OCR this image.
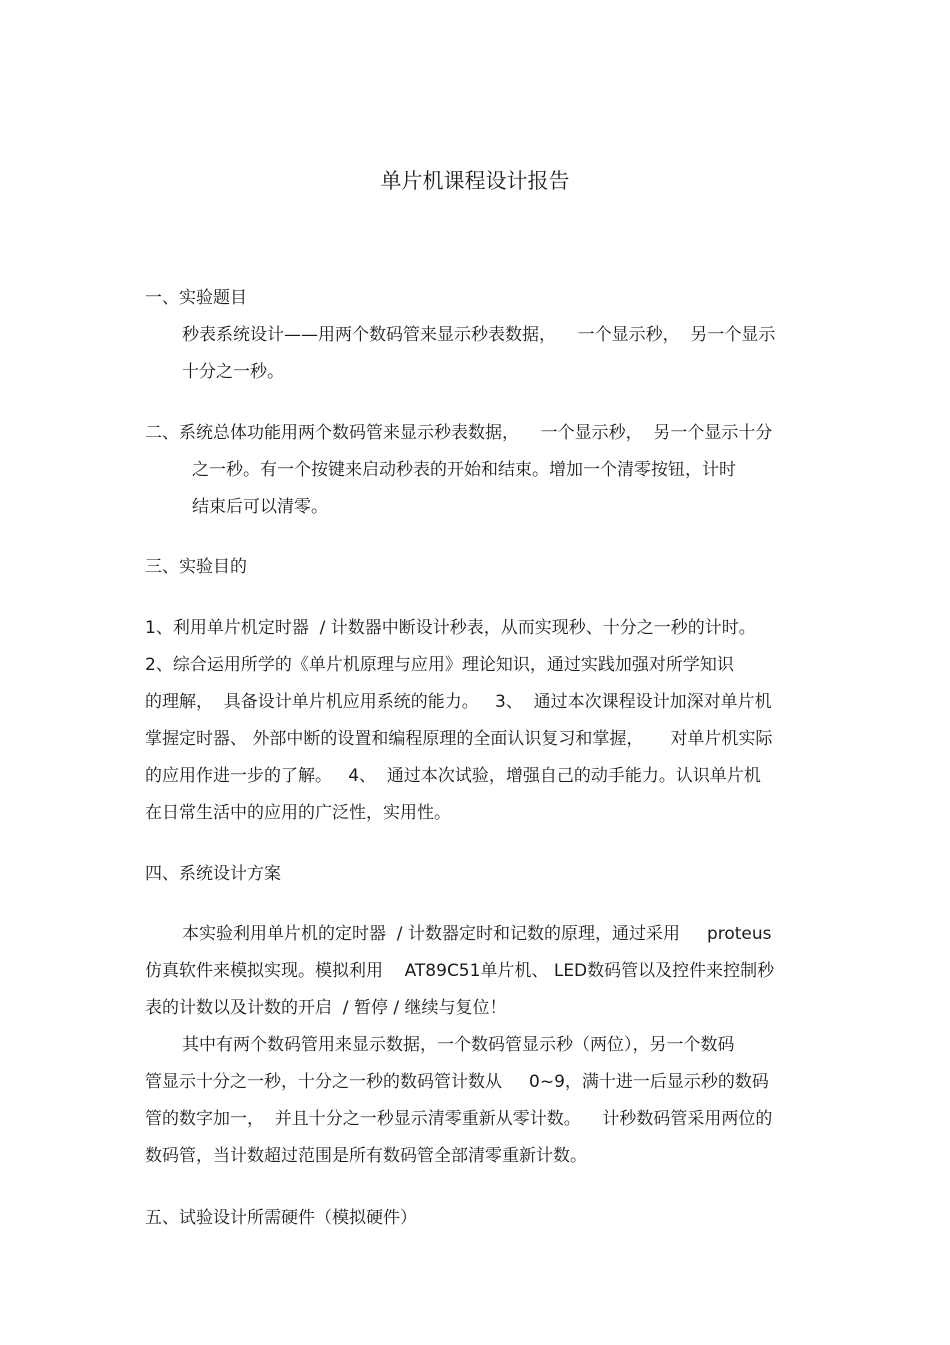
单片机课程设计报告
一、实验题目
秒表系统设计——用两个数码管来显示秒表数据，    一个显示秒，  另一个显示
十分之一秒。
二、系统总体功能用两个数码管来显示秒表数据，    一个显示秒，  另一个显示十分
之一秒。有一个按键来启动秒表的开始和结束。增加一个清零按钮，计时
结束后可以清零。
三、实验目的
1、利用单片机定时器  / 计数器中断设计秒表，从而实现秒、十分之一秒的计时。
2、综合运用所学的《单片机原理与应用》理论知识，通过实践加强对所学知识
的理解，  具备设计单片机应用系统的能力。   3、  通过本次课程设计加深对单片机
掌握定时器、 外部中断的设置和编程原理的全面认识复习和掌握，     对单片机实际
的应用作进一步的了解。   4、  通过本次试验，增强自己的动手能力。认识单片机
在日常生活中的应用的广泛性，实用性。
四、系统设计方案
本实验利用单片机的定时器  / 计数器定时和记数的原理，通过采用     proteus
仿真软件来模拟实现。模拟利用    AT89C51单片机、 LED数码管以及控件来控制秒
表的计数以及计数的开启  / 暂停 / 继续与复位！
其中有两个数码管用来显示数据，一个数码管显示秒（两位），另一个数码
管显示十分之一秒，十分之一秒的数码管计数从     0~9，满十进一后显示秒的数码
管的数字加一，  并且十分之一秒显示清零重新从零计数。    计秒数码管采用两位的
数码管，当计数超过范围是所有数码管全部清零重新计数。
五、试验设计所需硬件（模拟硬件）
